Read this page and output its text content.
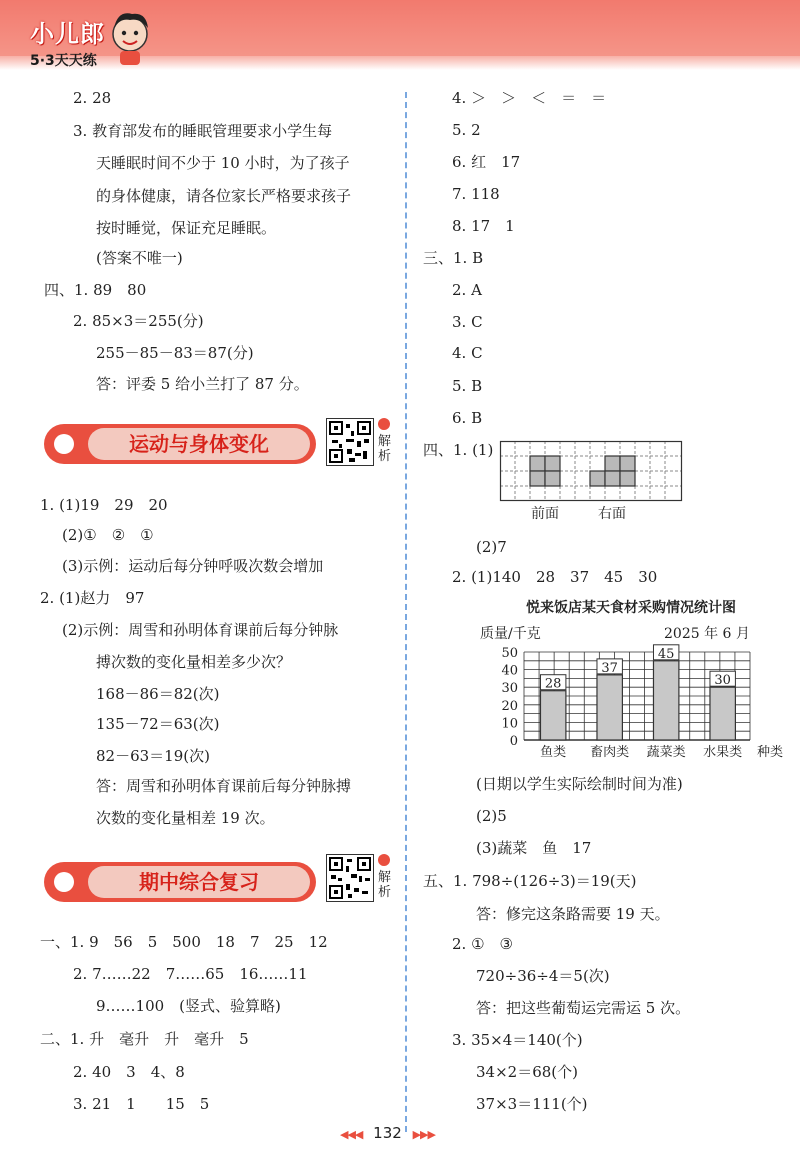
小儿郎
5·3天天练
2. 28
3. 教育部发布的睡眠管理要求小学生每
天睡眠时间不少于 10 小时，为了孩子
的身体健康，请各位家长严格要求孩子
按时睡觉，保证充足睡眠。
(答案不唯一)
四、1. 89　80
2. 85×3＝255(分)
255－85－83＝87(分)
答：评委 5 给小兰打了 87 分。
运动与身体变化	解析
1. (1)19　29　20
(2)①　②　①
(3)示例：运动后每分钟呼吸次数会增加
2. (1)赵力　97
(2)示例：周雪和孙明体育课前后每分钟脉
搏次数的变化量相差多少次？
168－86＝82(次)
135－72＝63(次)
82－63＝19(次)
答：周雪和孙明体育课前后每分钟脉搏
次数的变化量相差 19 次。
期中综合复习	解析
一、1. 9　56　5　500　18　7　25　12
2. 7……22　7……65　16……11
9……100　(竖式、验算略)
二、1. 升　毫升　升　毫升　5
2. 40　3　4、8
3. 21　1　　15　5
4. ＞　＞　＜　＝　＝
5. 2
6. 红　17
7. 118
8. 17　1
三、1. B
2. A
3. C
4. C
5. B
6. B
四、1. (1)
前面	右面
(2)7
2. (1)140　28　37　45　30
悦来饭店某天食材采购情况统计图
质量/千克	2025 年 6 月
0
10
20
30
40
50
28
鱼类
37
畜肉类
45
蔬菜类
30
水果类 种类
(日期以学生实际绘制时间为准)
(2)5
(3)蔬菜　鱼　17
五、1. 798÷(126÷3)＝19(天)
答：修完这条路需要 19 天。
2. ①　③
720÷36÷4＝5(次)
答：把这些葡萄运完需运 5 次。
3. 35×4＝140(个)
34×2＝68(个)
37×3＝111(个)
◀◀◀ 132 ▶▶▶
